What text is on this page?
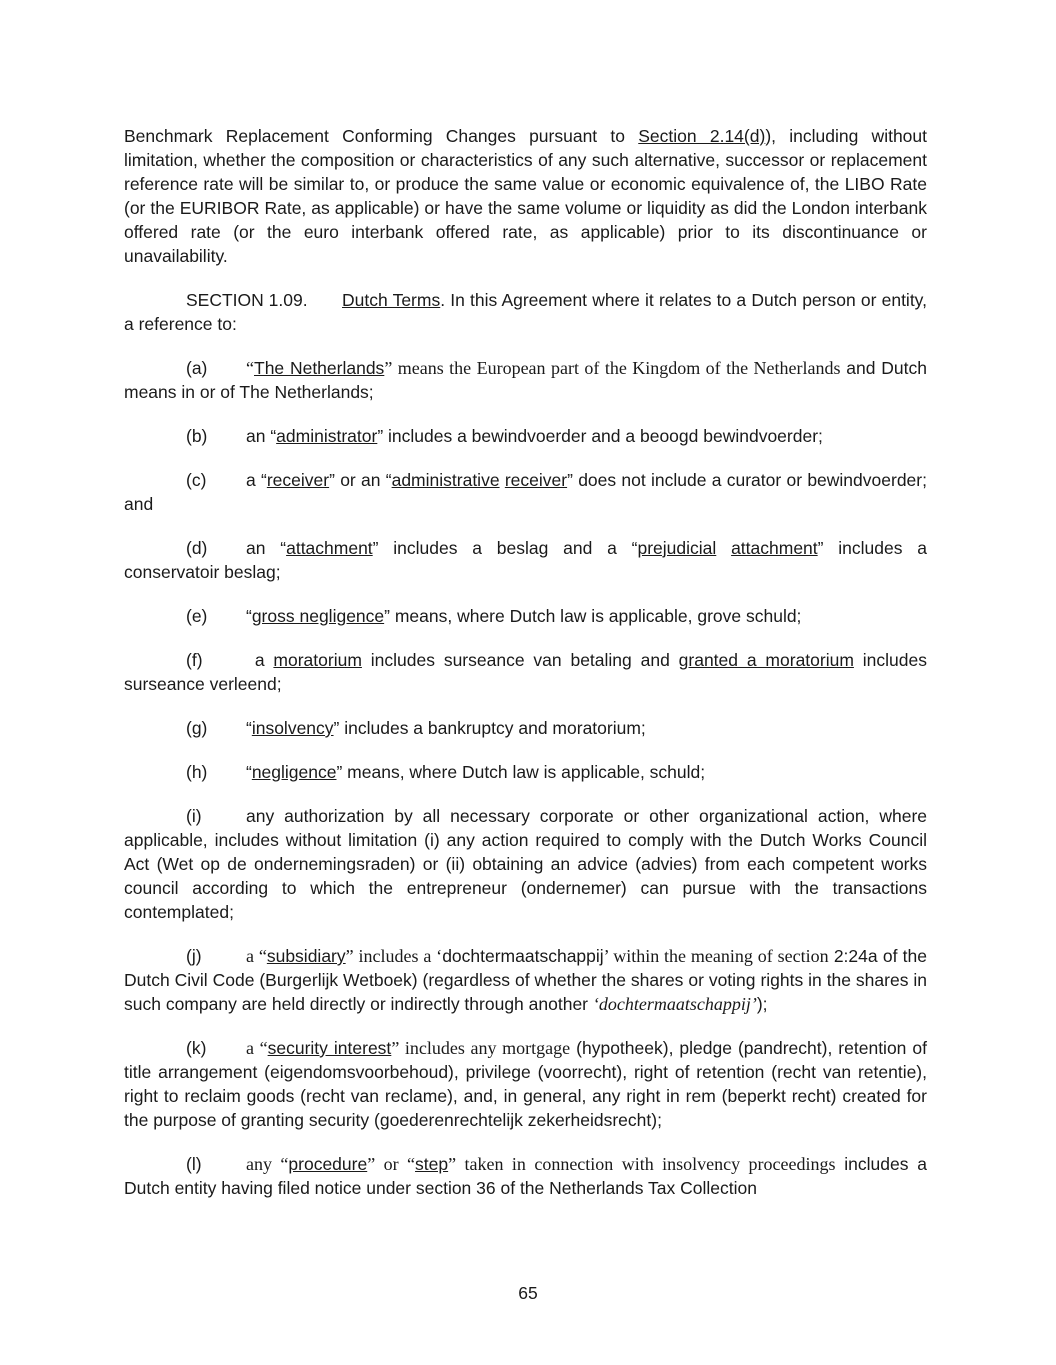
Benchmark Replacement Conforming Changes pursuant to Section 2.14(d)), including without limitation, whether the composition or characteristics of any such alternative, successor or replacement reference rate will be similar to, or produce the same value or economic equivalence of, the LIBO Rate (or the EURIBOR Rate, as applicable) or have the same volume or liquidity as did the London interbank offered rate (or the euro interbank offered rate, as applicable) prior to its discontinuance or unavailability.

SECTION 1.09. Dutch Terms. In this Agreement where it relates to a Dutch person or entity, a reference to:

(a) “The Netherlands” means the European part of the Kingdom of the Netherlands and Dutch means in or of The Netherlands;

(b) an “administrator” includes a bewindvoerder and a beoogd bewindvoerder;

(c) a “receiver” or an “administrative receiver” does not include a curator or bewindvoerder; and

(d) an “attachment” includes a beslag and a “prejudicial attachment” includes a conservatoir beslag;

(e) “gross negligence” means, where Dutch law is applicable, grove schuld;

(f) a moratorium includes surseance van betaling and granted a moratorium includes surseance verleend;

(g) “insolvency” includes a bankruptcy and moratorium;

(h) “negligence” means, where Dutch law is applicable, schuld;

(i)	any authorization by all necessary corporate or other organizational action, where applicable, includes without limitation (i) any action required to comply with the Dutch Works Council Act (Wet op de ondernemingsraden) or (ii) obtaining an advice (advies) from each competent works council according to which the entrepreneur (ondernemer) can pursue with the transactions contemplated;

(j) a “subsidiary” includes a ‘dochtermaatschappij’ within the meaning of section 2:24a of the Dutch Civil Code (Burgerlijk Wetboek) (regardless of whether the shares or voting rights in the shares in such company are held directly or indirectly through another ‘dochtermaatschappij’);

(k) a “security interest” includes any mortgage (hypotheek), pledge (pandrecht), retention of title arrangement (eigendomsvoorbehoud), privilege (voorrecht), right of retention (recht van retentie), right to reclaim goods (recht van reclame), and, in general, any right in rem (beperkt recht) created for the purpose of granting security (goederenrechtelijk zekerheidsrecht);

(l) any “procedure” or “step” taken in connection with insolvency proceedings includes a Dutch entity having filed notice under section 36 of the Netherlands Tax Collection

65
